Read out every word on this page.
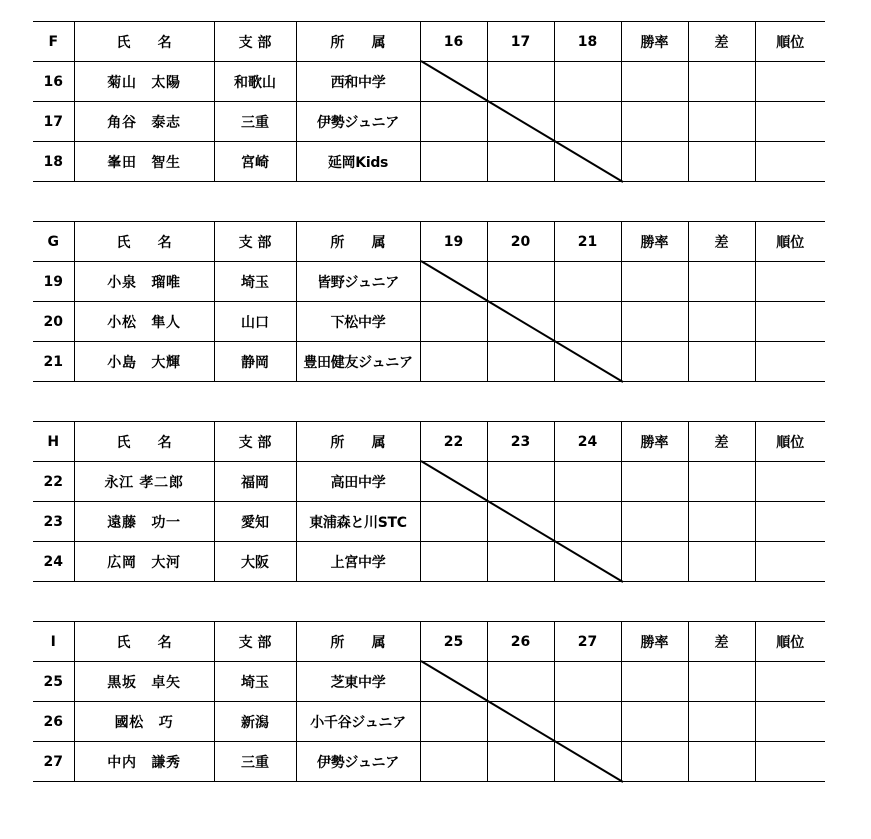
F	氏 名	支 部	所 属	16	17	18	勝率	差	順位
16	菊山　太陽	和歌山	西和中学						
17	角谷　泰志	三重	伊勢ジュニア						
18	峯田　智生	宮崎	延岡Kids						
G	氏 名	支 部	所 属	19	20	21	勝率	差	順位
19	小泉　瑠唯	埼玉	皆野ジュニア						
20	小松　隼人	山口	下松中学						
21	小島　大輝	静岡	豊田健友ジュニア						
H	氏 名	支 部	所 属	22	23	24	勝率	差	順位
22	永江 孝二郎	福岡	高田中学						
23	遠藤　功一	愛知	東浦森と川STC						
24	広岡　大河	大阪	上宮中学						
I	氏 名	支 部	所 属	25	26	27	勝率	差	順位
25	黒坂　卓矢	埼玉	芝東中学						
26	國松　巧	新潟	小千谷ジュニア						
27	中内　謙秀	三重	伊勢ジュニア						
